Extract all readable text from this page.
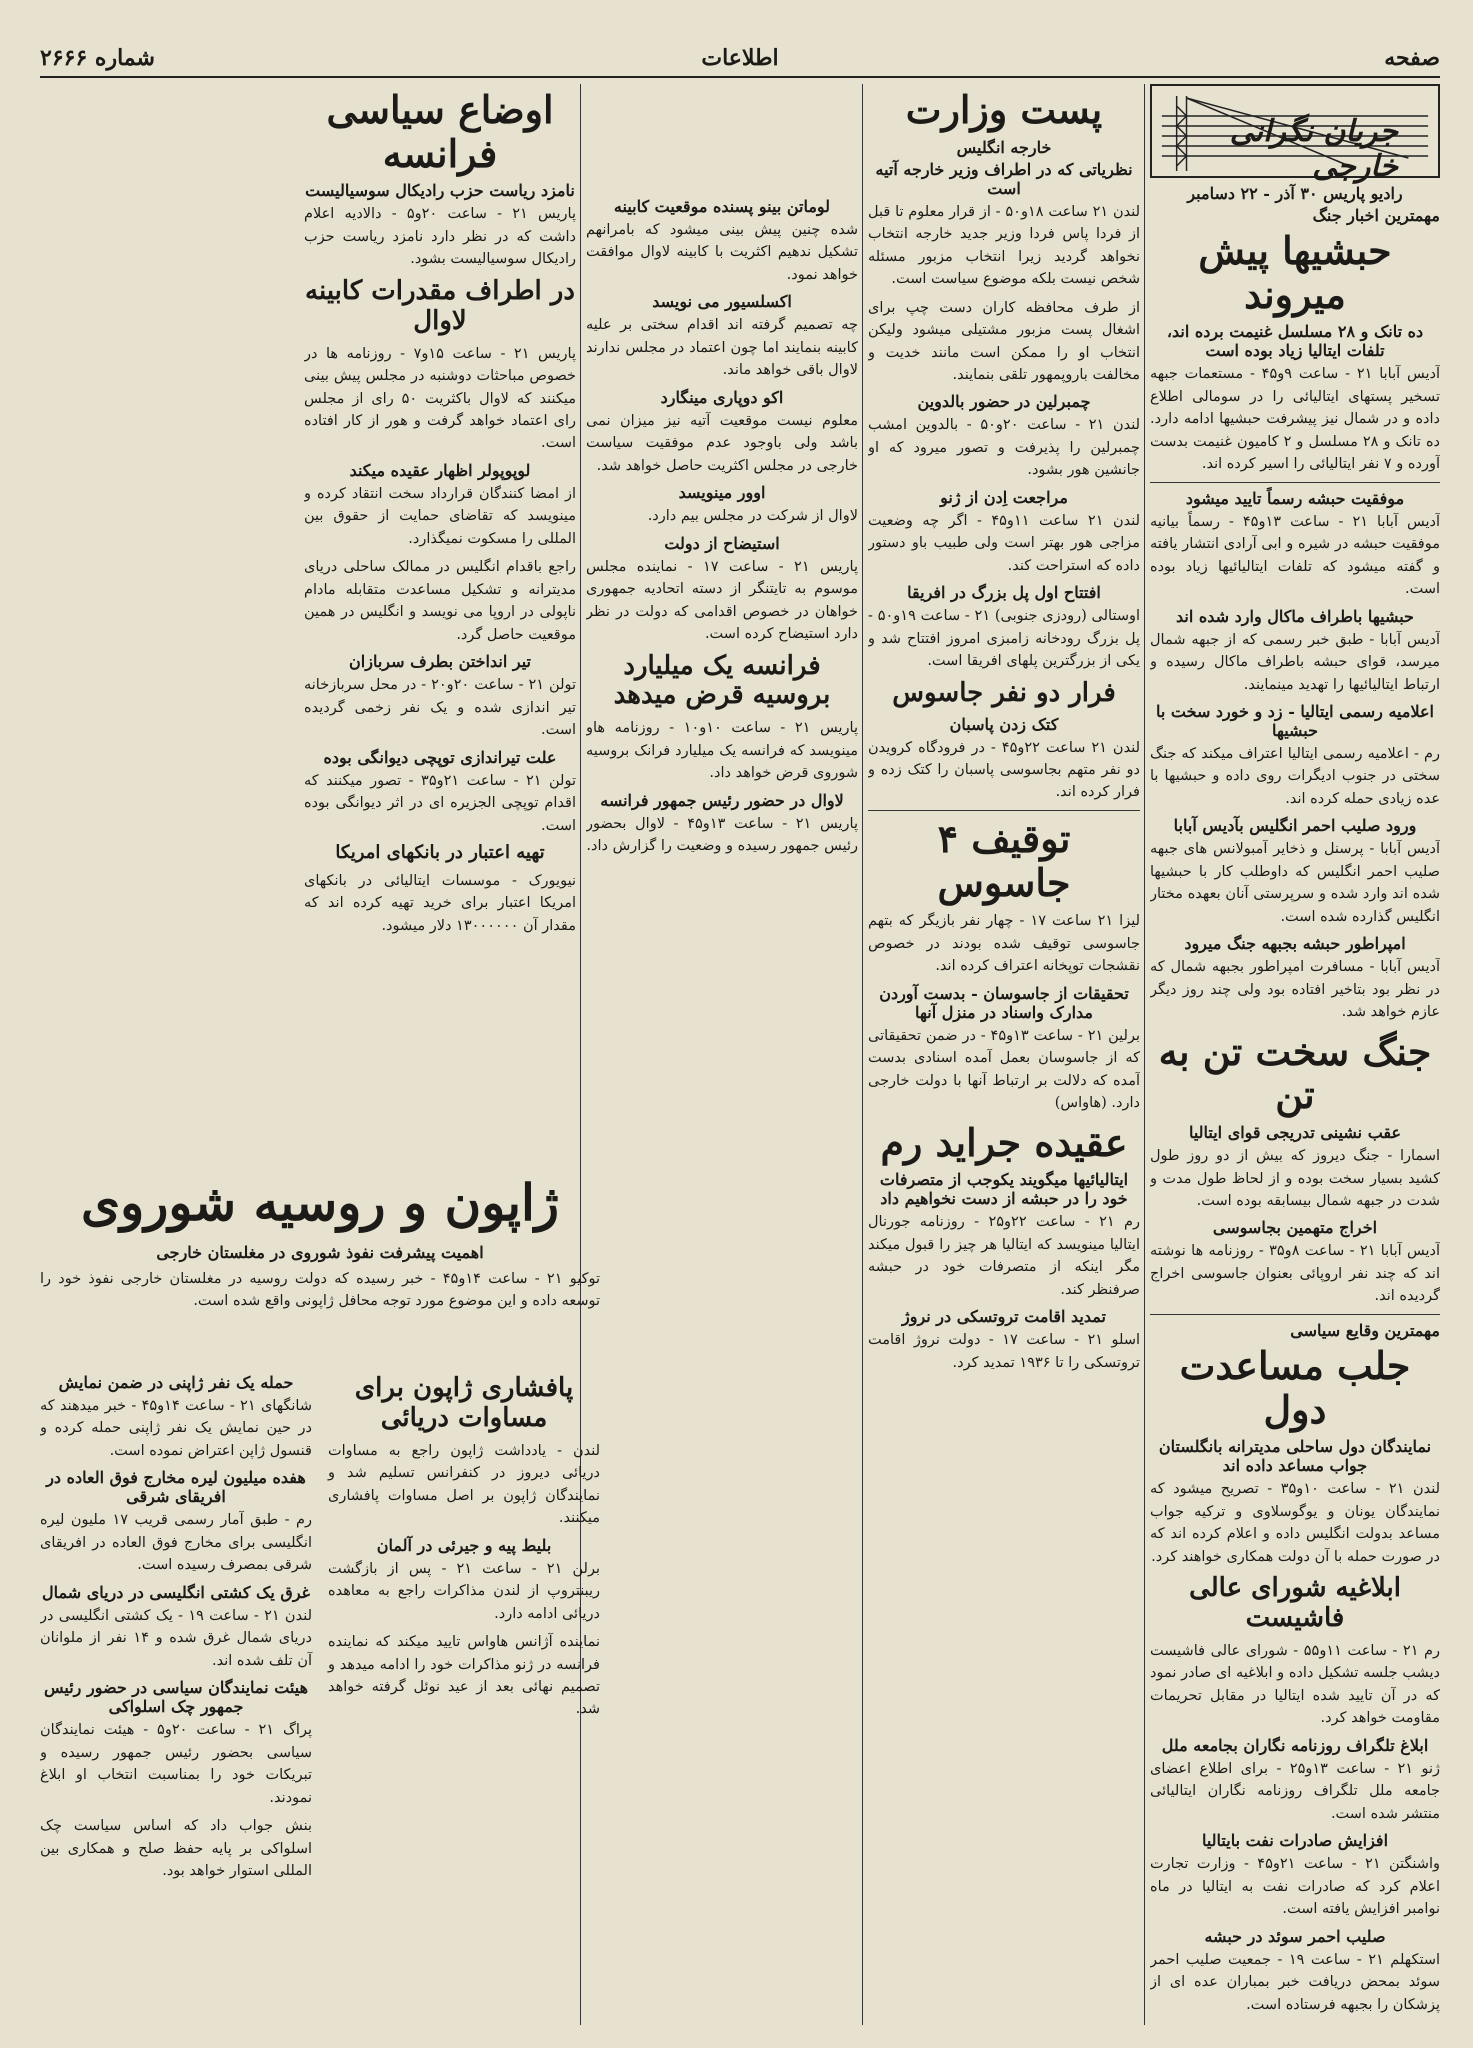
صفحه
اطلاعات
شماره ۲۶۶۶
جریان نگرانی خارجی
رادیو پاریس ۳۰ آذر - ۲۲ دسامبر
مهمترین اخبار جنگ
حبشیها پیش میروند
ده تانک و ۲۸ مسلسل غنیمت برده اند، تلفات ایتالیا زیاد بوده است

آدیس آبابا ۲۱ - ساعت ۹و۴۵ - مستعمات جبهه تسخیر پستهای ایتالیائی را در سومالی اطلاع داده و در شمال نیز پیشرفت حبشیها ادامه دارد. ده تانک و ۲۸ مسلسل و ۲ کامیون غنیمت بدست آورده و ۷ نفر ایتالیائی را اسیر کرده اند.

موفقیت حبشه رسماً تایید میشود

آدیس آبابا ۲۱ - ساعت ۱۳و۴۵ - رسماً بیانیه موفقیت حبشه در شیره و ابی آرادی انتشار یافته و گفته میشود که تلفات ایتالیائیها زیاد بوده است.

حبشیها باطراف ماکال وارد شده اند

آدیس آبابا - طبق خبر رسمی که از جبهه شمال میرسد، قوای حبشه باطراف ماکال رسیده و ارتباط ایتالیائیها را تهدید مینمایند.

اعلامیه رسمی ایتالیا - زد و خورد سخت با حبشیها

رم - اعلامیه رسمی ایتالیا اعتراف میکند که جنگ سختی در جنوب ادیگرات روی داده و حبشیها با عده زیادی حمله کرده اند.

ورود صلیب احمر انگلیس بآدیس آبابا

آدیس آبابا - پرسنل و ذخایر آمبولانس های جبهه صلیب احمر انگلیس که داوطلب کار با حبشیها شده اند وارد شده و سرپرستی آنان بعهده مختار انگلیس گذارده شده است.

امپراطور حبشه بجبهه جنگ میرود

آدیس آبابا - مسافرت امپراطور بجبهه شمال که در نظر بود بتاخیر افتاده بود ولی چند روز دیگر عازم خواهد شد.

جنگ سخت تن به تن
عقب نشینی تدریجی قوای ایتالیا

اسمارا - جنگ دیروز که بیش از دو روز طول کشید بسیار سخت بوده و از لحاظ طول مدت و شدت در جبهه شمال بیسابقه بوده است.

اخراج متهمین بجاسوسی

آدیس آبابا ۲۱ - ساعت ۸و۳۵ - روزنامه ها نوشته اند که چند نفر اروپائی بعنوان جاسوسی اخراج گردیده اند.

مهمترین وقایع سیاسی
جلب مساعدت دول
نمایندگان دول ساحلی مدیترانه بانگلستان جواب مساعد داده اند

لندن ۲۱ - ساعت ۱۰و۳۵ - تصریح میشود که نمایندگان یونان و یوگوسلاوی و ترکیه جواب مساعد بدولت انگلیس داده و اعلام کرده اند که در صورت حمله با آن دولت همکاری خواهند کرد.

ابلاغیه شورای عالی فاشیست

رم ۲۱ - ساعت ۱۱و۵۵ - شورای عالی فاشیست دیشب جلسه تشکیل داده و ابلاغیه ای صادر نمود که در آن تایید شده ایتالیا در مقابل تحریمات مقاومت خواهد کرد.

ابلاغ تلگراف روزنامه نگاران بجامعه ملل

ژنو ۲۱ - ساعت ۱۳و۲۵ - برای اطلاع اعضای جامعه ملل تلگراف روزنامه نگاران ایتالیائی منتشر شده است.

افزایش صادرات نفت بایتالیا

واشنگتن ۲۱ - ساعت ۲۱و۴۵ - وزارت تجارت اعلام کرد که صادرات نفت به ایتالیا در ماه نوامبر افزایش یافته است.

صلیب احمر سوئد در حبشه

استکهلم ۲۱ - ساعت ۱۹ - جمعیت صلیب احمر سوئد بمحض دریافت خبر بمباران عده ای از پزشکان را بجبهه فرستاده است.

پست وزارت
خارجه انگلیس
نظریاتی که در اطراف وزیر خارجه آتیه است

لندن ۲۱ ساعت ۱۸و۵۰ - از قرار معلوم تا قبل از فردا پاس فردا وزیر جدید خارجه انتخاب نخواهد گردید زیرا انتخاب مزبور مسئله شخص نیست بلکه موضوع سیاست است.

از طرف محافظه کاران دست چپ برای اشغال پست مزبور مشتیلی میشود ولیکن انتخاب او را ممکن است مانند خدیت و مخالفت باروپمهور تلقی بنمایند.

چمبرلین در حضور بالدوین

لندن ۲۱ - ساعت ۲۰و۵۰ - بالدوین امشب چمبرلین را پذیرفت و تصور میرود که او جانشین هور بشود.

مراجعت اِدن از ژنو

لندن ۲۱ ساعت ۱۱و۴۵ - اگر چه وضعیت مزاجی هور بهتر است ولی طبیب باو دستور داده که استراحت کند.

افتتاح اول پل بزرگ در افریقا

اوستالی (رودزی جنوبی) ۲۱ - ساعت ۱۹و۵۰ - پل بزرگ رودخانه زامبزی امروز افتتاح شد و یکی از بزرگترین پلهای افریقا است.

فرار دو نفر جاسوس
کتک زدن پاسبان

لندن ۲۱ ساعت ۲۲و۴۵ - در فرودگاه کرویدن دو نفر متهم بجاسوسی پاسبان را کتک زده و فرار کرده اند.

توقیف ۴ جاسوس

لیزا ۲۱ ساعت ۱۷ - چهار نفر بازیگر که بتهم جاسوسی توقیف شده بودند در خصوص نقشجات توپخانه اعتراف کرده اند.

تحقیقات از جاسوسان - بدست آوردن مدارک واسناد در منزل آنها

برلین ۲۱ - ساعت ۱۳و۴۵ - در ضمن تحقیقاتی که از جاسوسان بعمل آمده اسنادی بدست آمده که دلالت بر ارتباط آنها با دولت خارجی دارد. (هاواس)

عقیده جراید رم
ایتالیائیها میگویند یکوجب از متصرفات خود را در حبشه از دست نخواهیم داد

رم ۲۱ - ساعت ۲۲و۲۵ - روزنامه جورنال ایتالیا مینویسد که ایتالیا هر چیز را قبول میکند مگر اینکه از متصرفات خود در حبشه صرفنظر کند.

تمدید اقامت تروتسکی در نروژ

اسلو ۲۱ - ساعت ۱۷ - دولت نروژ اقامت تروتسکی را تا ۱۹۳۶ تمدید کرد.

لوماتن بینو پسنده موقعیت کابینه

شده چنین پیش بینی میشود که بامرانهم تشکیل ندهیم اکثریت با کابینه لاوال موافقت خواهد نمود.

اکسلسیور می نویسد

چه تصمیم گرفته اند اقدام سختی بر علیه کابینه بنمایند اما چون اعتماد در مجلس ندارند لاوال باقی خواهد ماند.

اکو دوپاری مینگارد

معلوم نیست موقعیت آتیه نیز میزان نمی باشد ولی باوجود عدم موفقیت سیاست خارجی در مجلس اکثریت حاصل خواهد شد.

اوور مینویسد

لاوال از شرکت در مجلس بیم دارد.

استیضاح از دولت

پاریس ۲۱ - ساعت ۱۷ - نماینده مجلس موسوم به تایتنگر از دسته اتحادیه جمهوری خواهان در خصوص اقدامی که دولت در نظر دارد استیضاح کرده است.

فرانسه یک میلیارد بروسیه قرض میدهد

پاریس ۲۱ - ساعت ۱۰و۱۰ - روزنامه هاو مینویسد که فرانسه یک میلیارد فرانک بروسیه شوروی قرض خواهد داد.

لاوال در حضور رئیس جمهور فرانسه

پاریس ۲۱ - ساعت ۱۳و۴۵ - لاوال بحضور رئیس جمهور رسیده و وضعیت را گزارش داد.

اوضاع سیاسی فرانسه
نامزد ریاست حزب رادیکال سوسیالیست

پاریس ۲۱ - ساعت ۲۰و۵ - دالادیه اعلام داشت که در نظر دارد نامزد ریاست حزب رادیکال سوسیالیست بشود.

در اطراف مقدرات کابینه لاوال

پاریس ۲۱ - ساعت ۱۵و۷ - روزنامه ها در خصوص مباحثات دوشنبه در مجلس پیش بینی میکنند که لاوال باکثریت ۵۰ رای از مجلس رای اعتماد خواهد گرفت و هور از کار افتاده است.

لوپوپولر اظهار عقیده میکند

از امضا کنندگان قرارداد سخت انتقاد کرده و مینویسد که تقاضای حمایت از حقوق بین المللی را مسکوت نمیگذارد.

راجع باقدام انگلیس در ممالک ساحلی دریای مدیترانه و تشکیل مساعدت متقابله مادام ناپولی در اروپا می نویسد و انگلیس در همین موقعیت حاصل گرد.

تیر انداختن بطرف سربازان

تولن ۲۱ - ساعت ۲۰و۲۰ - در محل سربازخانه تیر اندازی شده و یک نفر زخمی گردیده است.

علت تیراندازی توپچی دیوانگی بوده

تولن ۲۱ - ساعت ۲۱و۳۵ - تصور میکنند که اقدام توپچی الجزیره ای در اثر دیوانگی بوده است.

تهیه اعتبار در بانکهای امریکا

نیویورک - موسسات ایتالیائی در بانکهای امریکا اعتبار برای خرید تهیه کرده اند که مقدار آن ۱۳۰۰۰۰۰۰ دلار میشود.

ژاپون و روسیه شوروی
اهمیت پیشرفت نفوذ شوروی در مغلستان خارجی

توکیو ۲۱ - ساعت ۱۴و۴۵ - خبر رسیده که دولت روسیه در مغلستان خارجی نفوذ خود را توسعه داده و این موضوع مورد توجه محافل ژاپونی واقع شده است.

حمله یک نفر ژاپنی در ضمن نمایش

شانگهای ۲۱ - ساعت ۱۴و۴۵ - خبر میدهند که در حین نمایش یک نفر ژاپنی حمله کرده و قنسول ژاپن اعتراض نموده است.

هفده میلیون لیره مخارج فوق العاده در افریقای شرقی

رم - طبق آمار رسمی قریب ۱۷ ملیون لیره انگلیسی برای مخارج فوق العاده در افریقای شرقی بمصرف رسیده است.

غرق یک کشتی انگلیسی در دریای شمال

لندن ۲۱ - ساعت ۱۹ - یک کشتی انگلیسی در دریای شمال غرق شده و ۱۴ نفر از ملوانان آن تلف شده اند.

هیئت نمایندگان سیاسی در حضور رئیس جمهور چک اسلواکی

پراگ ۲۱ - ساعت ۲۰و۵ - هیئت نمایندگان سیاسی بحضور رئیس جمهور رسیده و تبریکات خود را بمناسبت انتخاب او ابلاغ نمودند.

بنش جواب داد که اساس سیاست چک اسلواکی بر پایه حفظ صلح و همکاری بین المللی استوار خواهد بود.

پافشاری ژاپون برای مساوات دریائی

لندن - یادداشت ژاپون راجع به مساوات دریائی دیروز در کنفرانس تسلیم شد و نمایندگان ژاپون بر اصل مساوات پافشاری میکنند.

بلیط پیه و جیرئی در آلمان

برلن ۲۱ - ساعت ۲۱ - پس از بازگشت ریبنتروپ از لندن مذاکرات راجع به معاهده دریائی ادامه دارد.

نماینده آژانس هاواس تایید میکند که نماینده فرانسه در ژنو مذاکرات خود را ادامه میدهد و تصمیم نهائی بعد از عید نوئل گرفته خواهد شد.
